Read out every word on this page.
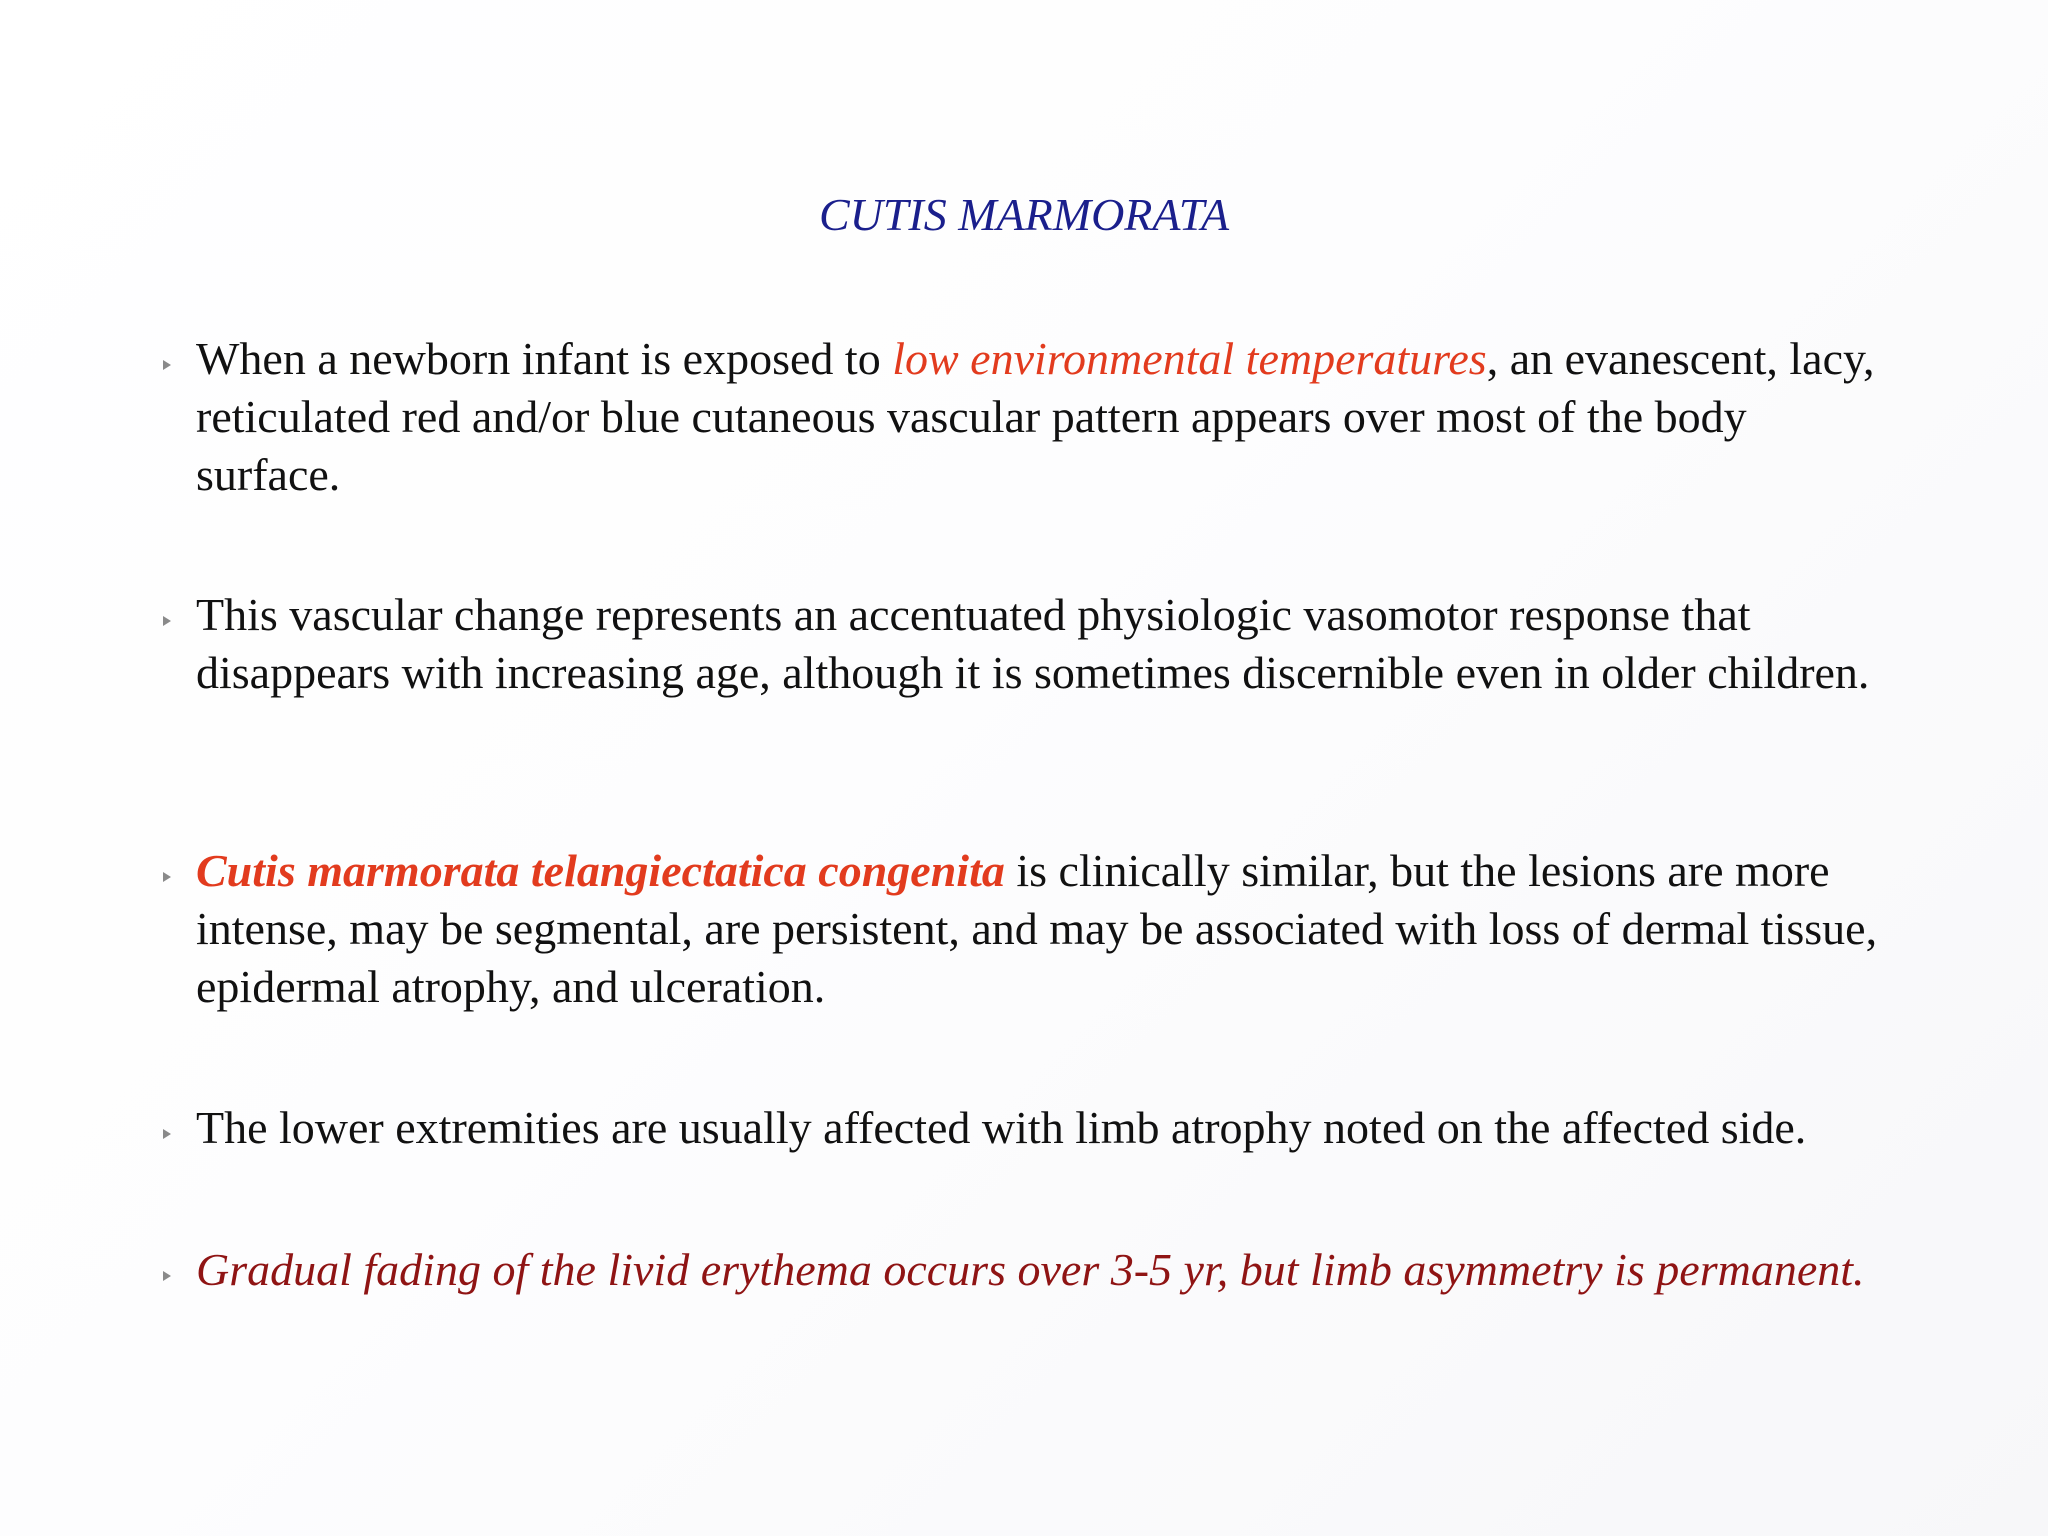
CUTIS MARMORATA
When a newborn infant is exposed to low environmental temperatures, an evanescent, lacy, reticulated red and/or blue cutaneous vascular pattern appears over most of the body surface.
This vascular change represents an accentuated physiologic vasomotor response that disappears with increasing age, although it is sometimes discernible even in older children.
Cutis marmorata telangiectatica congenita is clinically similar, but the lesions are more intense, may be segmental, are persistent, and may be associated with loss of dermal tissue, epidermal atrophy, and ulceration.
The lower extremities are usually affected with limb atrophy noted on the affected side.
Gradual fading of the livid erythema occurs over 3-5 yr, but limb asymmetry is permanent.
